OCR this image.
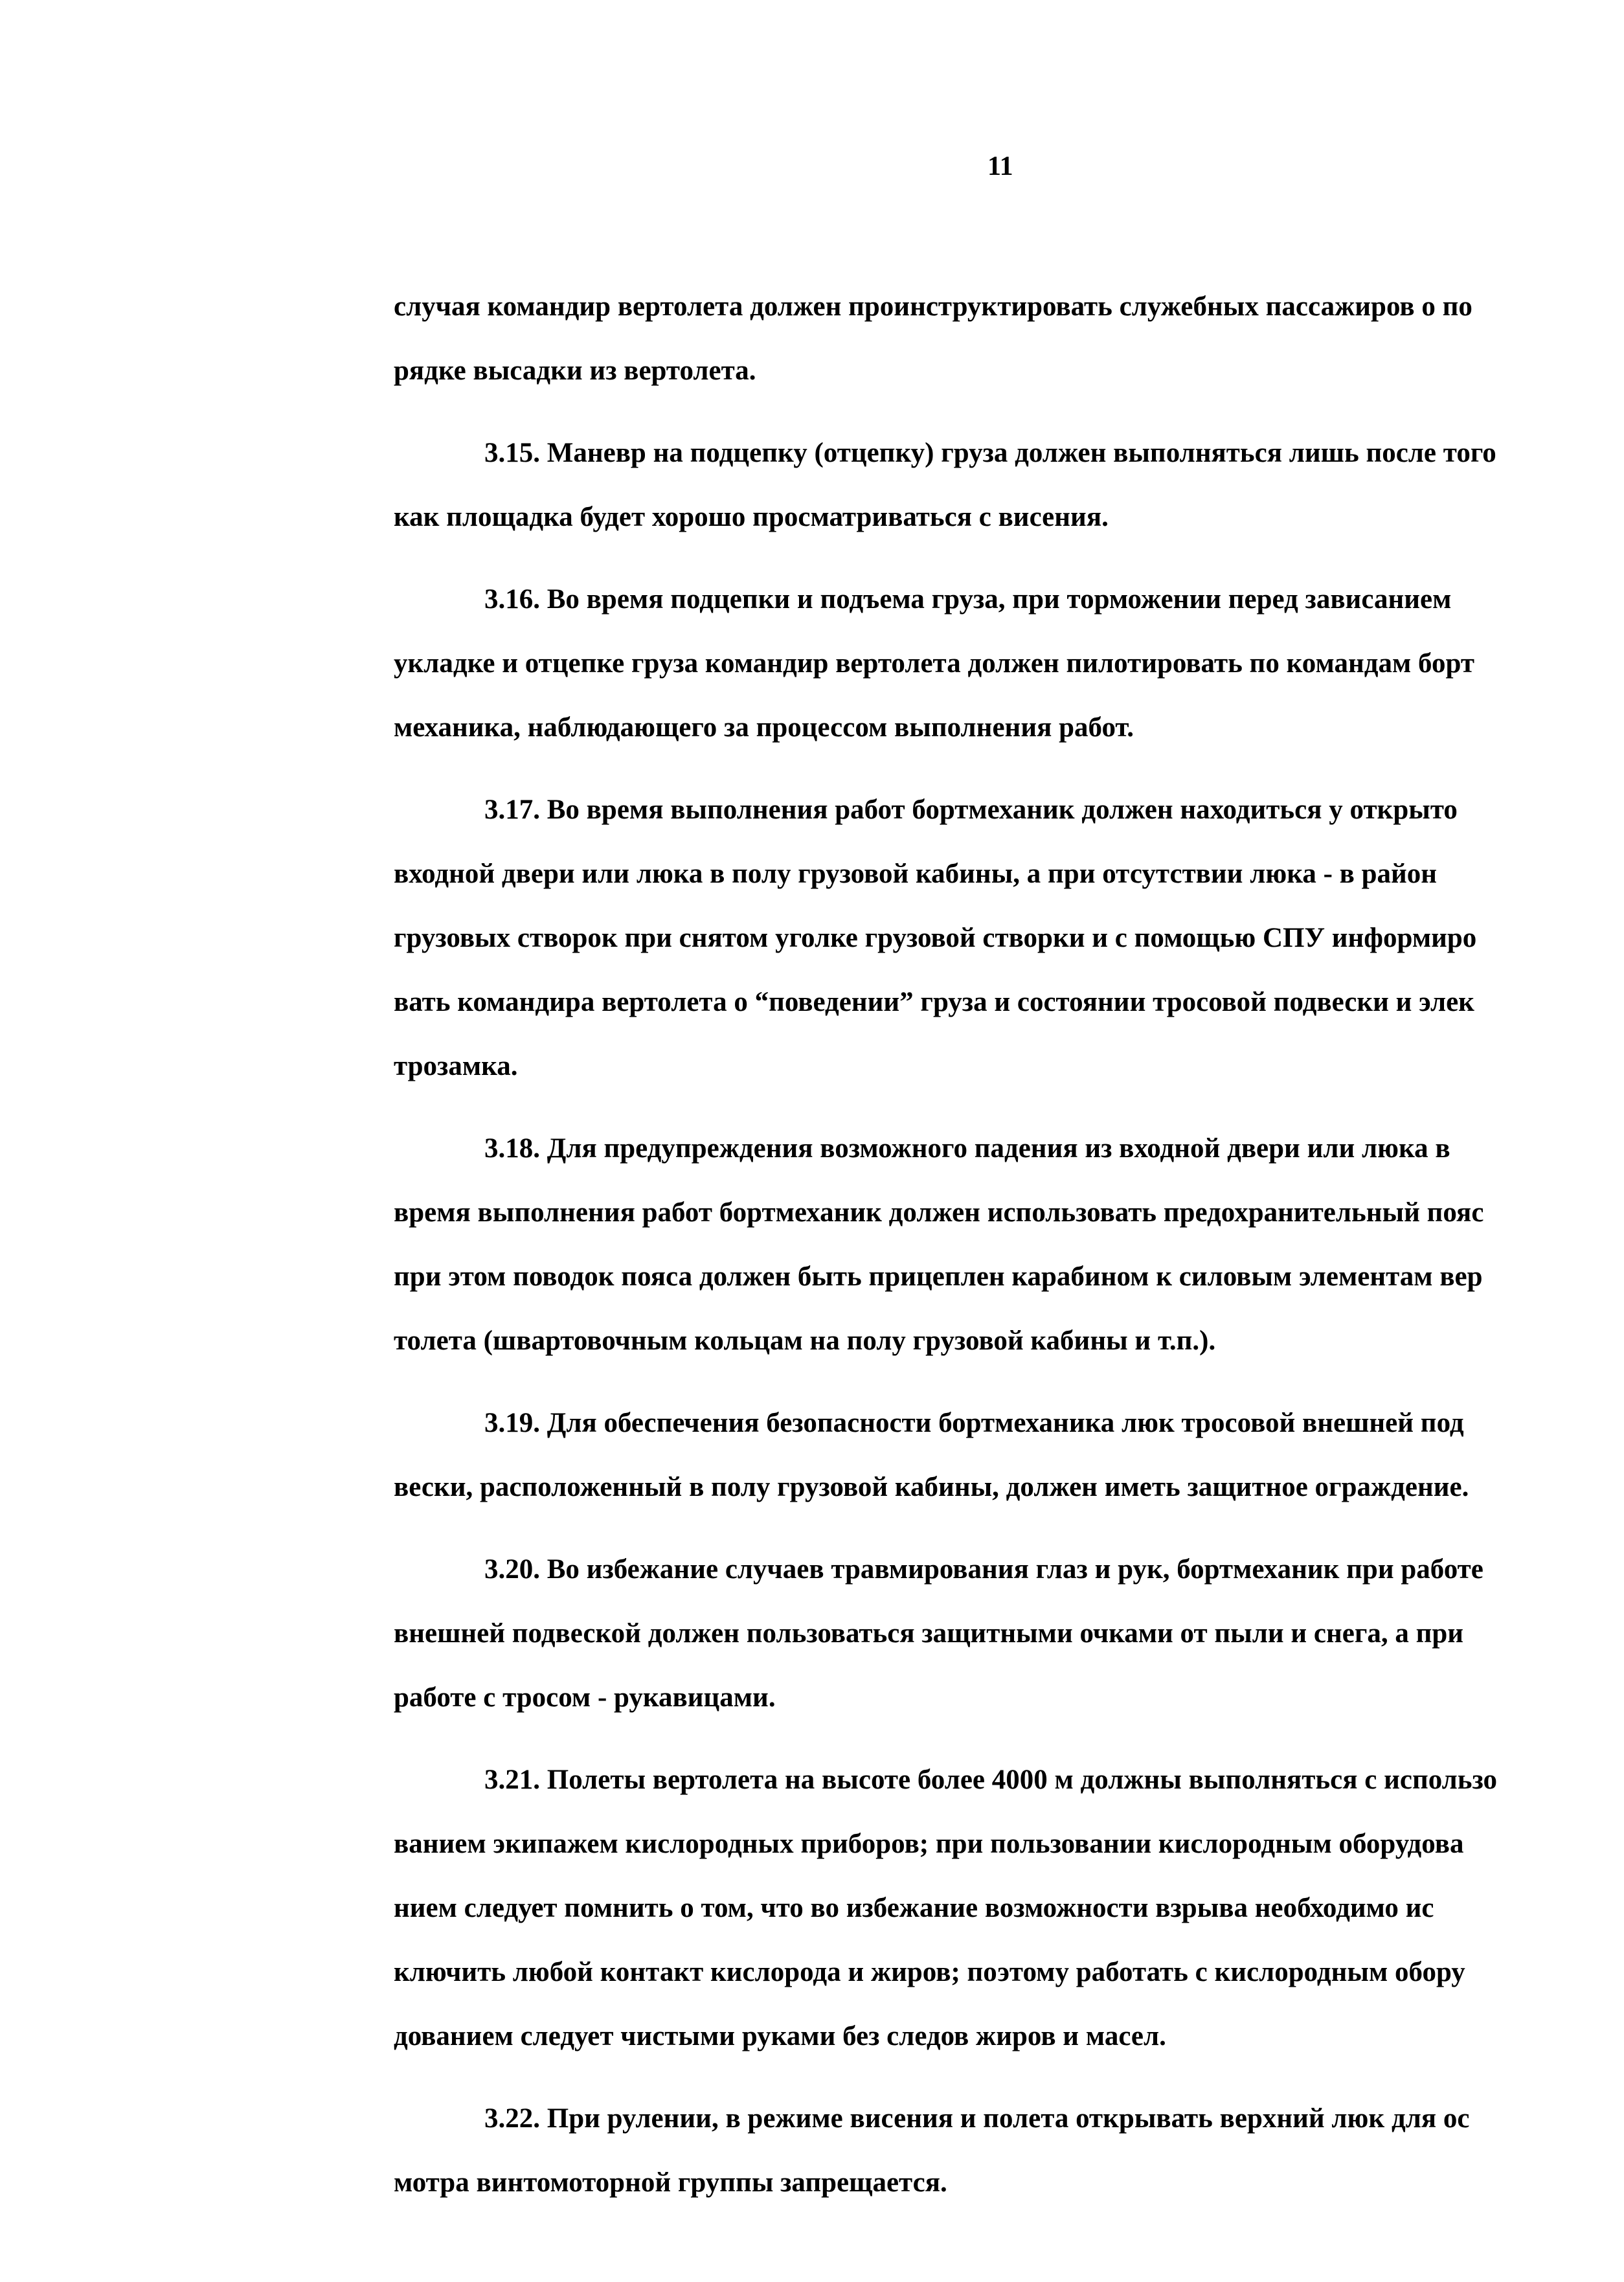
11
случая командир вертолета должен проинструктировать служебных пассажиров о по
рядке высадки из вертолета.
3.15. Маневр на подцепку (отцепку) груза должен выполняться лишь после того
как площадка будет хорошо просматриваться с висения.
3.16. Во время подцепки и подъема груза, при торможении перед зависанием
укладке и отцепке груза командир вертолета должен пилотировать по командам борт
механика, наблюдающего за процессом выполнения работ.
3.17. Во время выполнения работ бортмеханик должен находиться у открыто
входной двери или люка в полу грузовой кабины, а при отсутствии люка - в район
грузовых створок при снятом уголке грузовой створки и с помощью СПУ информиро
вать командира вертолета о “поведении” груза и состоянии тросовой подвески и элек
трозамка.
3.18. Для предупреждения возможного падения из входной двери или люка в
время выполнения работ бортмеханик должен использовать предохранительный пояс
при этом поводок пояса должен быть прицеплен карабином к силовым элементам вер
толета (швартовочным кольцам на полу грузовой кабины и т.п.).
3.19. Для обеспечения безопасности бортмеханика люк тросовой внешней под
вески, расположенный в полу грузовой кабины, должен иметь защитное ограждение.
3.20. Во избежание случаев травмирования глаз и рук, бортмеханик при работе
внешней подвеской должен пользоваться защитными очками от пыли и снега, а при
работе с тросом - рукавицами.
3.21. Полеты вертолета на высоте более 4000 м должны выполняться с использо
ванием экипажем кислородных приборов; при пользовании кислородным оборудова
нием следует помнить о том, что во избежание возможности взрыва необходимо ис
ключить любой контакт кислорода и жиров; поэтому работать с кислородным обору
дованием следует чистыми руками без следов жиров и масел.
3.22. При рулении, в режиме висения и полета открывать верхний люк для ос
мотра винтомоторной группы запрещается.
